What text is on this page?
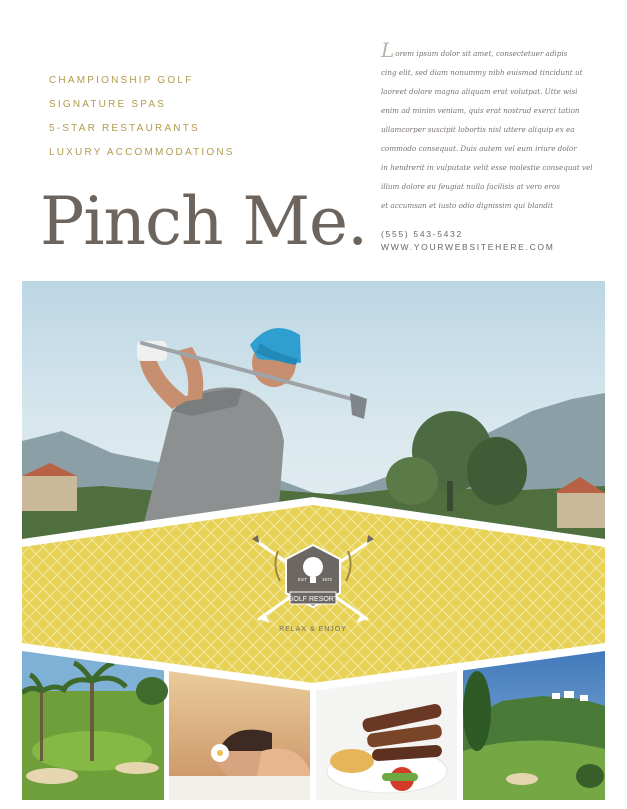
CHAMPIONSHIP GOLF
SIGNATURE SPAS
5-STAR RESTAURANTS
LUXURY ACCOMMODATIONS
Pinch Me.
Lorem ipsum dolor sit amet, consectetuer adipis
cing elit, sed diam nonummy nibh euismod tincidunt ut
laoreet dolore magna aliquam erat volutpat. Utte wisi
enim ad minim veniam, quis erat nostrud exerci tation
ullamcorper suscipit lobortis nisl uttere aliquip ex ea
commodo consequat. Duis autem vel eum iriure dolor
in hendrerit in vulputate velit esse molestie consequat vel
illum dolore eu feugiat nulla facilisis at vero eros
et accumsan et iusto odio dignissim qui blandit
(555) 543-5432
WWW.YOURWEBSITEHERE.COM
EST	1972
GOLF RESORT
RELAX & ENJOY
